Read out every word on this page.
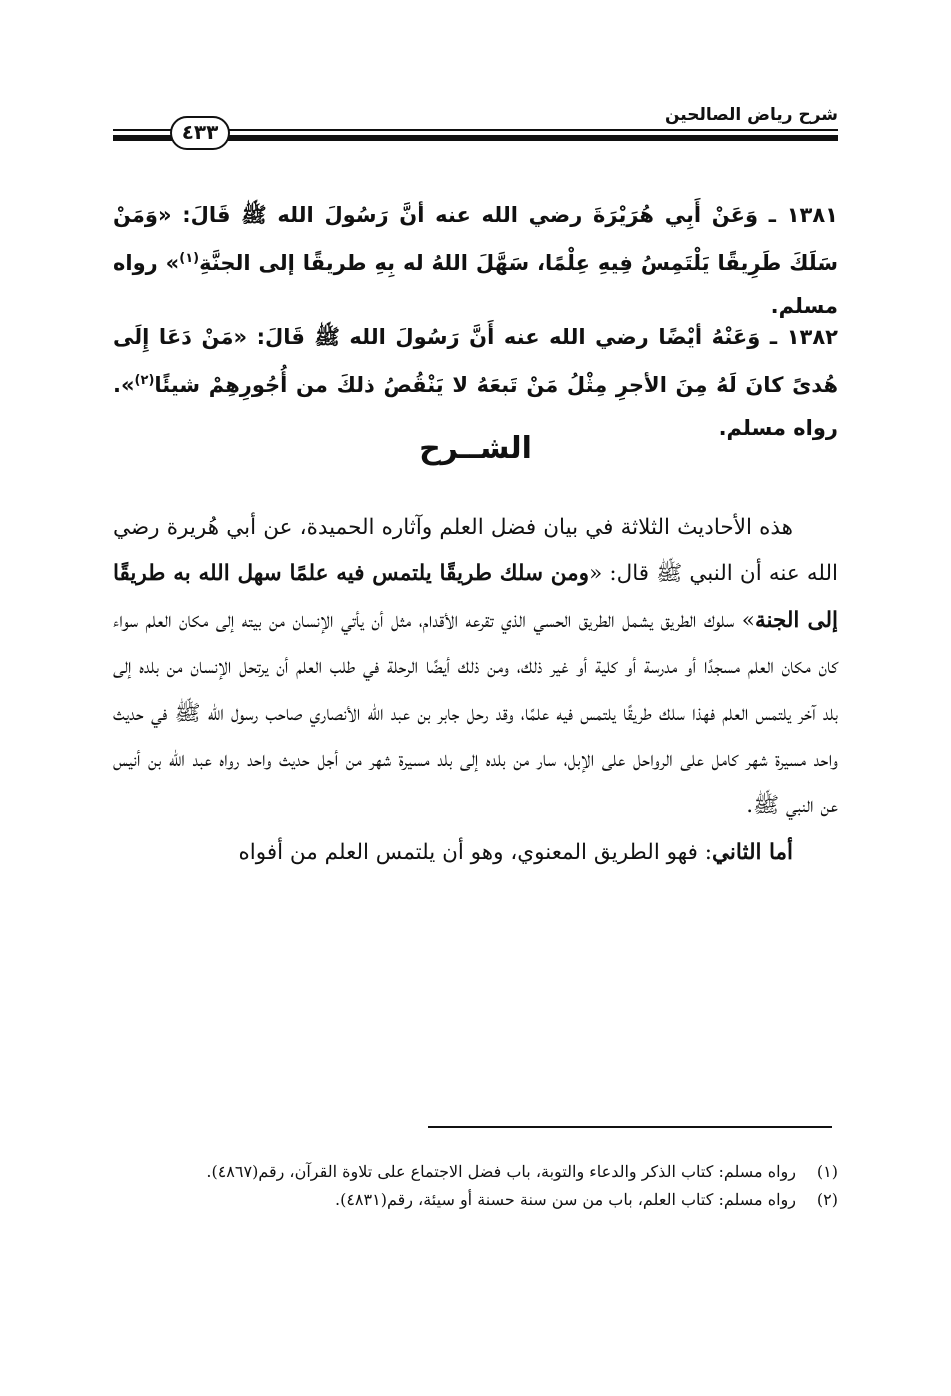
شرح رياض الصالحين
٤٣٣
١٣٨١ ـ وَعَنْ أَبِي هُرَيْرَةَ رضي الله عنه أنَّ رَسُولَ الله ﷺ قَالَ: «وَمَنْ سَلَكَ طَرِيقًا يَلْتَمِسُ فِيهِ عِلْمًا، سَهَّلَ اللهُ له بِهِ طريقًا إلى الجنَّةِ$^{(١)}$» رواه مسلم.
١٣٨٢ ـ وَعَنْهُ أيْضًا رضي الله عنه أَنَّ رَسُولَ الله ﷺ قَالَ: «مَنْ دَعَا إِلَى هُدىً كانَ لَهُ مِنَ الأجرِ مِثْلُ مَنْ تَبعَهُ لا يَنْقُصُ ذلكَ من أُجُورِهِمْ شيئًا$^{(٢)}$». رواه مسلم.
الشــرح

هذه الأحاديث الثلاثة في بيان فضل العلم وآثاره الحميدة، عن أبي هُريرة رضي الله عنه أن النبي ﷺ قال: «ومن سلك طريقًا يلتمس فيه علمًا سهل الله به طريقًا إلى الجنة» سلوك الطريق يشمل الطريق الحسي الذي تقرعه الأقدام، مثل أن يأتي الإنسان من بيته إلى مكان العلم سواء كان مكان العلم مسجدًا أو مدرسة أو كلية أو غير ذلك، ومن ذلك أيضًا الرحلة في طلب العلم أن يرتحل الإنسان من بلده إلى بلد آخر يلتمس العلم فهذا سلك طريقًا يلتمس فيه علمًا، وقد رحل جابر بن عبد الله الأنصاري صاحب رسول الله ﷺ في حديث واحد مسيرة شهر كامل على الرواحل على الإبل، سار من بلده إلى بلد مسيرة شهر من أجل حديث واحد رواه عبد الله بن أنيس عن النبي ﷺ.

أما الثاني: فهو الطريق المعنوي، وهو أن يلتمس العلم من أفواه

(١)
رواه مسلم: كتاب الذكر والدعاء والتوبة، باب فضل الاجتماع على تلاوة القرآن، رقم(٤٨٦٧).
(٢)
رواه مسلم: كتاب العلم، باب من سن سنة حسنة أو سيئة، رقم(٤٨٣١).
